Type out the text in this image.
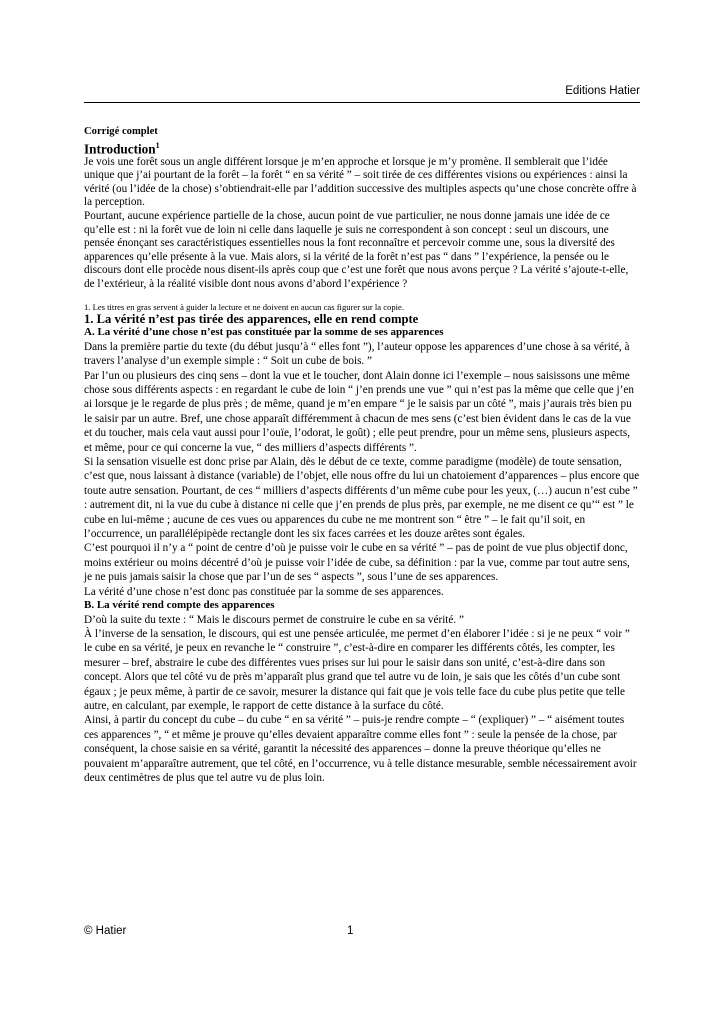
Editions Hatier

Corrigé complet

Introduction$^1$

Je vois une forêt sous un angle différent lorsque je m’en approche et lorsque je m’y promène. Il semblerait que l’idée unique que j’ai pourtant de la forêt – la forêt “ en sa vérité ” – soit tirée de ces différentes visions ou expériences : ainsi la vérité (ou l’idée de la chose) s’obtiendrait-elle par l’addition successive des multiples aspects qu’une chose concrète offre à la perception.

Pourtant, aucune expérience partielle de la chose, aucun point de vue particulier, ne nous donne jamais une idée de ce qu’elle est : ni la forêt vue de loin ni celle dans laquelle je suis ne correspondent à son concept : seul un discours, une pensée énonçant ses caractéristiques essentielles nous la font reconnaître et percevoir comme une, sous la diversité des apparences qu’elle présente à la vue. Mais alors, si la vérité de la forêt n’est pas “ dans ” l’expérience, la pensée ou le discours dont elle procède nous disent-ils après coup que c’est une forêt que nous avons perçue ? La vérité s’ajoute-t-elle, de l’extérieur, à la réalité visible dont nous avons d’abord l’expérience ?

1. Les titres en gras servent à guider la lecture et ne doivent en aucun cas figurer sur la copie.

1. La vérité n’est pas tirée des apparences, elle en rend compte

A. La vérité d’une chose n’est pas constituée par la somme de ses apparences

Dans la première partie du texte (du début jusqu’à “ elles font ”), l’auteur oppose les apparences d’une chose à sa vérité, à travers l’analyse d’un exemple simple : “ Soit un cube de bois. ”

Par l’un ou plusieurs des cinq sens – dont la vue et le toucher, dont Alain donne ici l’exemple – nous saisissons une même chose sous différents aspects : en regardant le cube de loin “ j’en prends une vue ” qui n’est pas la même que celle que j’en ai lorsque je le regarde de plus près ; de même, quand je m’en empare “ je le saisis par un côté ”, mais j’aurais très bien pu le saisir par un autre. Bref, une chose apparaît différemment à chacun de mes sens (c’est bien évident dans le cas de la vue et du toucher, mais cela vaut aussi pour l’ouïe, l’odorat, le goût) ; elle peut prendre, pour un même sens, plusieurs aspects, et même, pour ce qui concerne la vue, “ des milliers d’aspects différents ”.

Si la sensation visuelle est donc prise par Alain, dès le début de ce texte, comme paradigme (modèle) de toute sensation, c’est que, nous laissant à distance (variable) de l’objet, elle nous offre du lui un chatoiement d’apparences – plus encore que toute autre sensation. Pourtant, de ces “ milliers d’aspects différents d’un même cube pour les yeux, (…) aucun n’est cube ” : autrement dit, ni la vue du cube à distance ni celle que j’en prends de plus près, par exemple, ne me disent ce qu’“ est ” le cube en lui-même ; aucune de ces vues ou apparences du cube ne me montrent son “ être ” – le fait qu’il soit, en l’occurrence, un parallélépipède rectangle dont les six faces carrées et les douze arêtes sont égales.

C’est pourquoi il n’y a “ point de centre d’où je puisse voir le cube en sa vérité ” – pas de point de vue plus objectif donc, moins extérieur ou moins décentré d’où je puisse voir l’idée de cube, sa définition : par la vue, comme par tout autre sens, je ne puis jamais saisir la chose que par l’un de ses “ aspects ”, sous l’une de ses apparences.

La vérité d’une chose n’est donc pas constituée par la somme de ses apparences.

B. La vérité rend compte des apparences

D’où la suite du texte : “ Mais le discours permet de construire le cube en sa vérité. ”

À l’inverse de la sensation, le discours, qui est une pensée articulée, me permet d’en élaborer l’idée : si je ne peux “ voir ” le cube en sa vérité, je peux en revanche le “ construire ”, c’est-à-dire en comparer les différents côtés, les compter, les mesurer – bref, abstraire le cube des différentes vues prises sur lui pour le saisir dans son unité, c’est-à-dire dans son concept. Alors que tel côté vu de près m’apparaît plus grand que tel autre vu de loin, je sais que les côtés d’un cube sont égaux ; je peux même, à partir de ce savoir, mesurer la distance qui fait que je vois telle face du cube plus petite que telle autre, en calculant, par exemple, le rapport de cette distance à la surface du côté.

Ainsi, à partir du concept du cube – du cube “ en sa vérité ” – puis-je rendre compte – “ (expliquer) ” – “ aisément toutes ces apparences ”, “ et même je prouve qu’elles devaient apparaître comme elles font ” : seule la pensée de la chose, par conséquent, la chose saisie en sa vérité, garantit la nécessité des apparences – donne la preuve théorique qu’elles ne pouvaient m’apparaître autrement, que tel côté, en l’occurrence, vu à telle distance mesurable, semble nécessairement avoir deux centimètres de plus que tel autre vu de plus loin.

© Hatier	1
